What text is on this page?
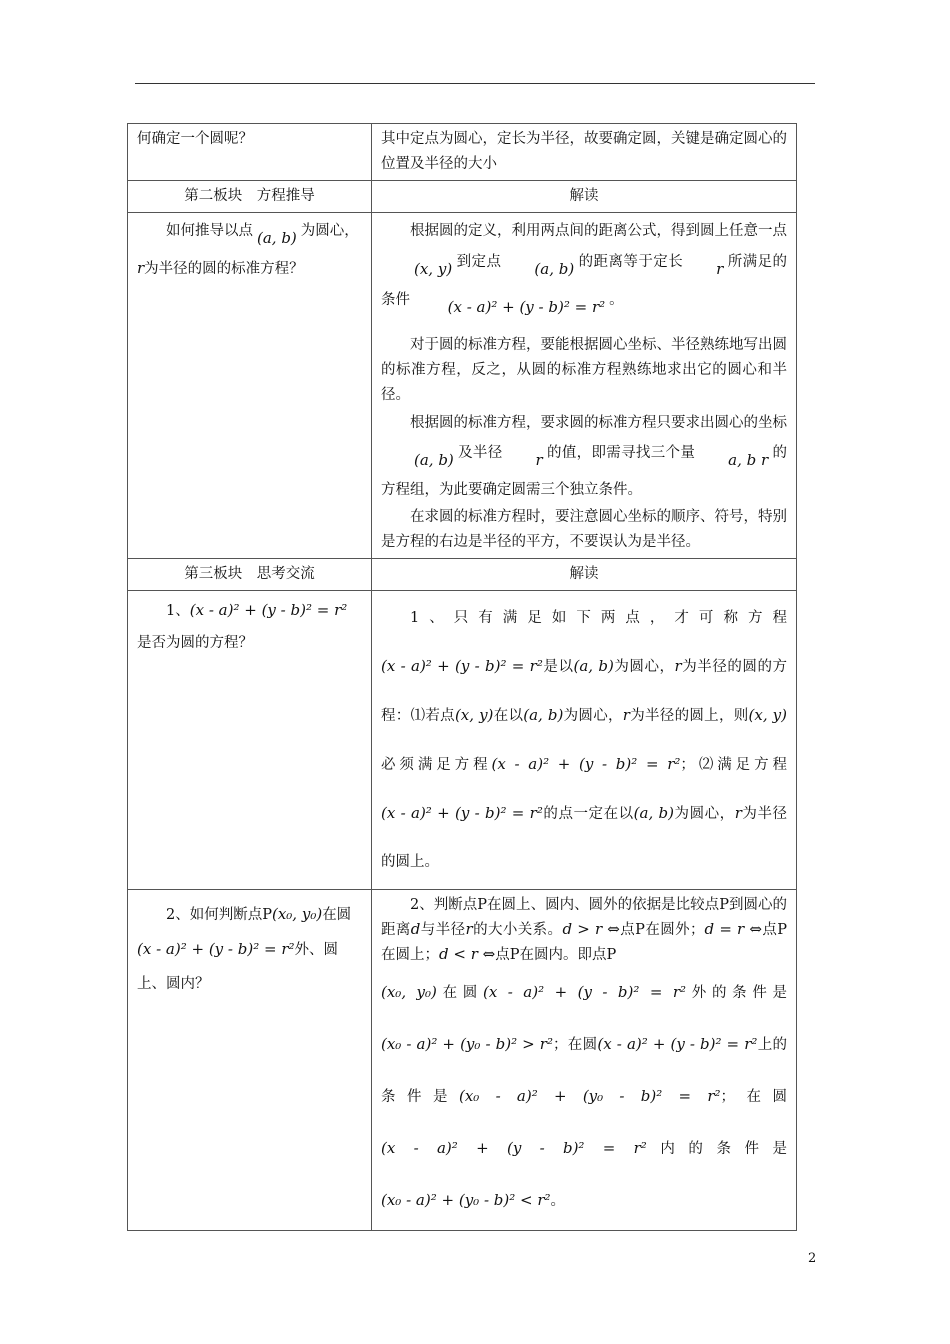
何确定一个圆呢？	其中定点为圆心，定长为半径，故要确定圆，关键是确定圆心的位置及半径的大小
第二板块　方程推导	解读

如何推导以点 (a, b) 为圆心，r为半径的圆的标准方程？	根据圆的定义，利用两点间的距离公式，得到圆上任意一点(x, y) 到定点 (a, b) 的距离等于定长 r 所满足的条件 (x - a)² + (y - b)² = r² 。

对于圆的标准方程，要能根据圆心坐标、半径熟练地写出圆的标准方程，反之，从圆的标准方程熟练地求出它的圆心和半径。

根据圆的标准方程，要求圆的标准方程只要求出圆心的坐标(a, b) 及半径 r 的值，即需寻找三个量 a, b r 的方程组，为此要确定圆需三个独立条件。

在求圆的标准方程时，要注意圆心坐标的顺序、符号，特别是方程的右边是半径的平方，不要误认为是半径。

第三板块　思考交流	解读

1、(x - a)² + (y - b)² = r²
是否为圆的方程？	1、只有满足如下两点，才可称方程 (x - a)² + (y - b)² = r²是以(a, b)为圆心，r为半径的圆的方程：⑴若点(x, y)在以(a, b)为圆心，r为半径的圆上，则(x, y)必须满足方程(x - a)² + (y - b)² = r²；⑵满足方程(x - a)² + (y - b)² = r²的点一定在以(a, b)为圆心，r为半径的圆上。

2、如何判断点P(x₀, y₀)在圆 (x - a)² + (y - b)² = r²外、圆上、圆内？	2、判断点P在圆上、圆内、圆外的依据是比较点P到圆心的距离d与半径r的大小关系。d > r ⇔点P在圆外；d = r ⇔点P在圆上；d < r ⇔点P在圆内。即点P

(x₀, y₀)在圆(x - a)² + (y - b)² = r²外的条件是 (x₀ - a)² + (y₀ - b)² > r²；在圆(x - a)² + (y - b)² = r²上的条件是(x₀ - a)² + (y₀ - b)² = r²；在圆(x - a)² + (y - b)² = r²内的条件是 (x₀ - a)² + (y₀ - b)² < r²。

2
